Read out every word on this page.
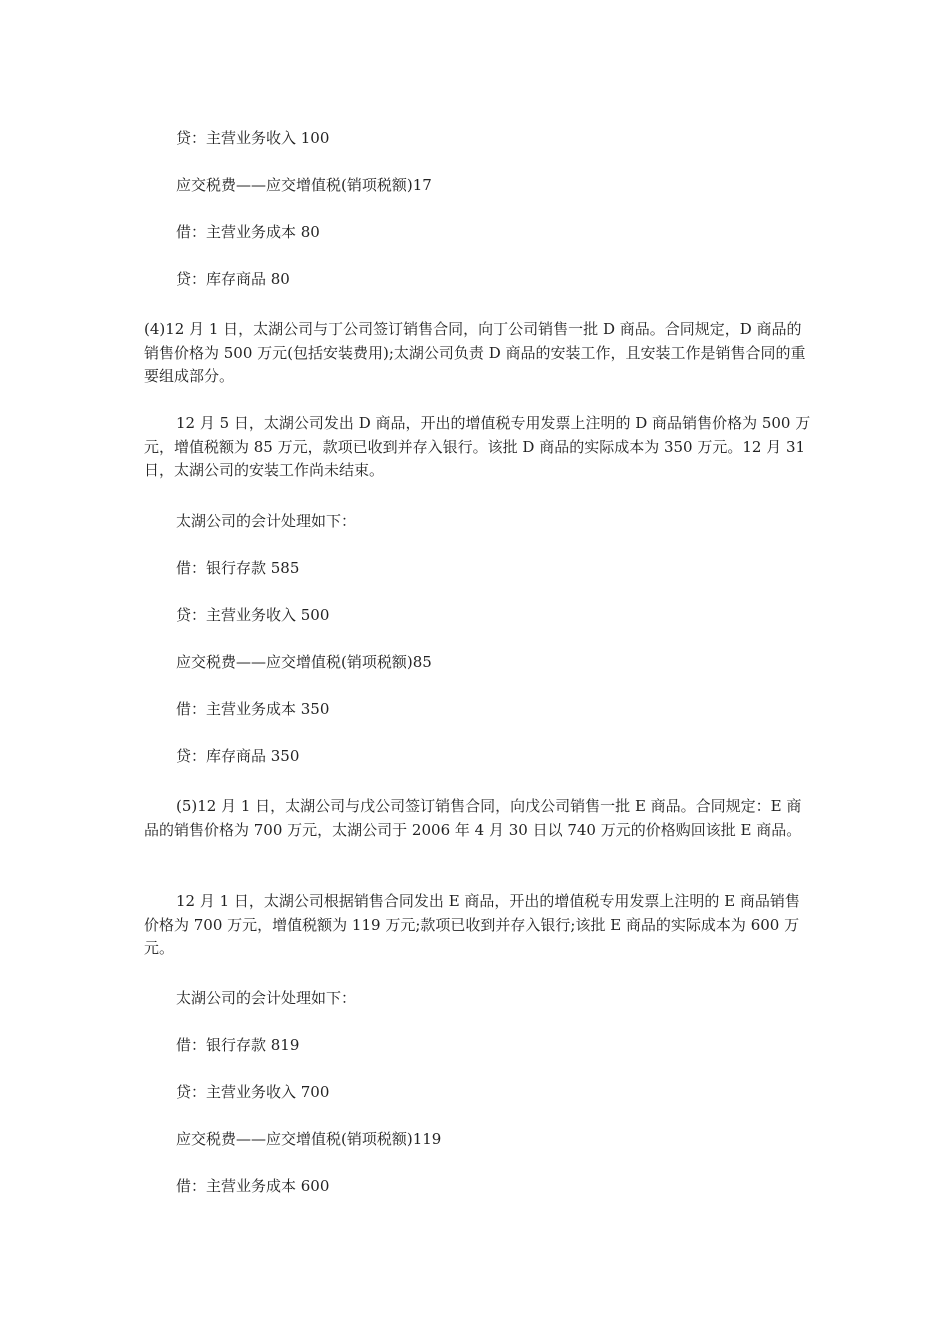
贷：主营业务收入 100

应交税费——应交增值税(销项税额)17

借：主营业务成本 80

贷：库存商品 80

(4)12 月 1 日，太湖公司与丁公司签订销售合同，向丁公司销售一批 D 商品。合同规定，D 商品的销售价格为 500 万元(包括安装费用);太湖公司负责 D 商品的安装工作，且安装工作是销售合同的重要组成部分。

12 月 5 日，太湖公司发出 D 商品，开出的增值税专用发票上注明的 D 商品销售价格为 500 万元，增值税额为 85 万元，款项已收到并存入银行。该批 D 商品的实际成本为 350 万元。12 月 31 日，太湖公司的安装工作尚未结束。

太湖公司的会计处理如下：

借：银行存款 585

贷：主营业务收入 500

应交税费——应交增值税(销项税额)85

借：主营业务成本 350

贷：库存商品 350

(5)12 月 1 日，太湖公司与戊公司签订销售合同，向戊公司销售一批 E 商品。合同规定：E 商品的销售价格为 700 万元，太湖公司于 2006 年 4 月 30 日以 740 万元的价格购回该批 E 商品。

12 月 1 日，太湖公司根据销售合同发出 E 商品，开出的增值税专用发票上注明的 E 商品销售价格为 700 万元，增值税额为 119 万元;款项已收到并存入银行;该批 E 商品的实际成本为 600 万元。

太湖公司的会计处理如下：

借：银行存款 819

贷：主营业务收入 700

应交税费——应交增值税(销项税额)119

借：主营业务成本 600
